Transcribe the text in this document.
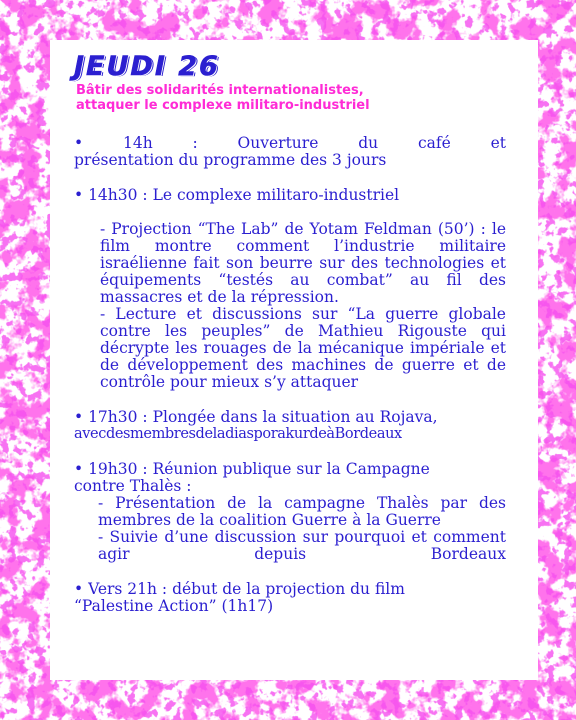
JEUDI 26
Bâtir des solidarités internationalistes,
attaquer le complexe militaro-industriel
• 14h : Ouverture du café et
présentation du programme des 3 jours
• 14h30 : Le complexe militaro-industriel
- Projection “The Lab” de Yotam Feldman (50’) : le film montre comment l’industrie militaire israélienne fait son beurre sur des technologies et équipements “testés au combat” au fil des massacres et de la répression.
- Lecture et discussions sur “La guerre globale contre les peuples” de Mathieu Rigouste qui décrypte les rouages de la mécanique impériale et de développement des machines de guerre et de contrôle pour mieux s’y attaquer
• 17h30 : Plongée dans la situation au Rojava,
avecdesmembresdeladiasporakurdeàBordeaux
• 19h30 : Réunion publique sur la Campagne
contre Thalès :
- Présentation de la campagne Thalès par des membres de la coalition Guerre à la Guerre
- Suivie d’une discussion sur pourquoi et comment agir depuis Bordeaux
• Vers 21h : début de la projection du film
“Palestine Action” (1h17)
